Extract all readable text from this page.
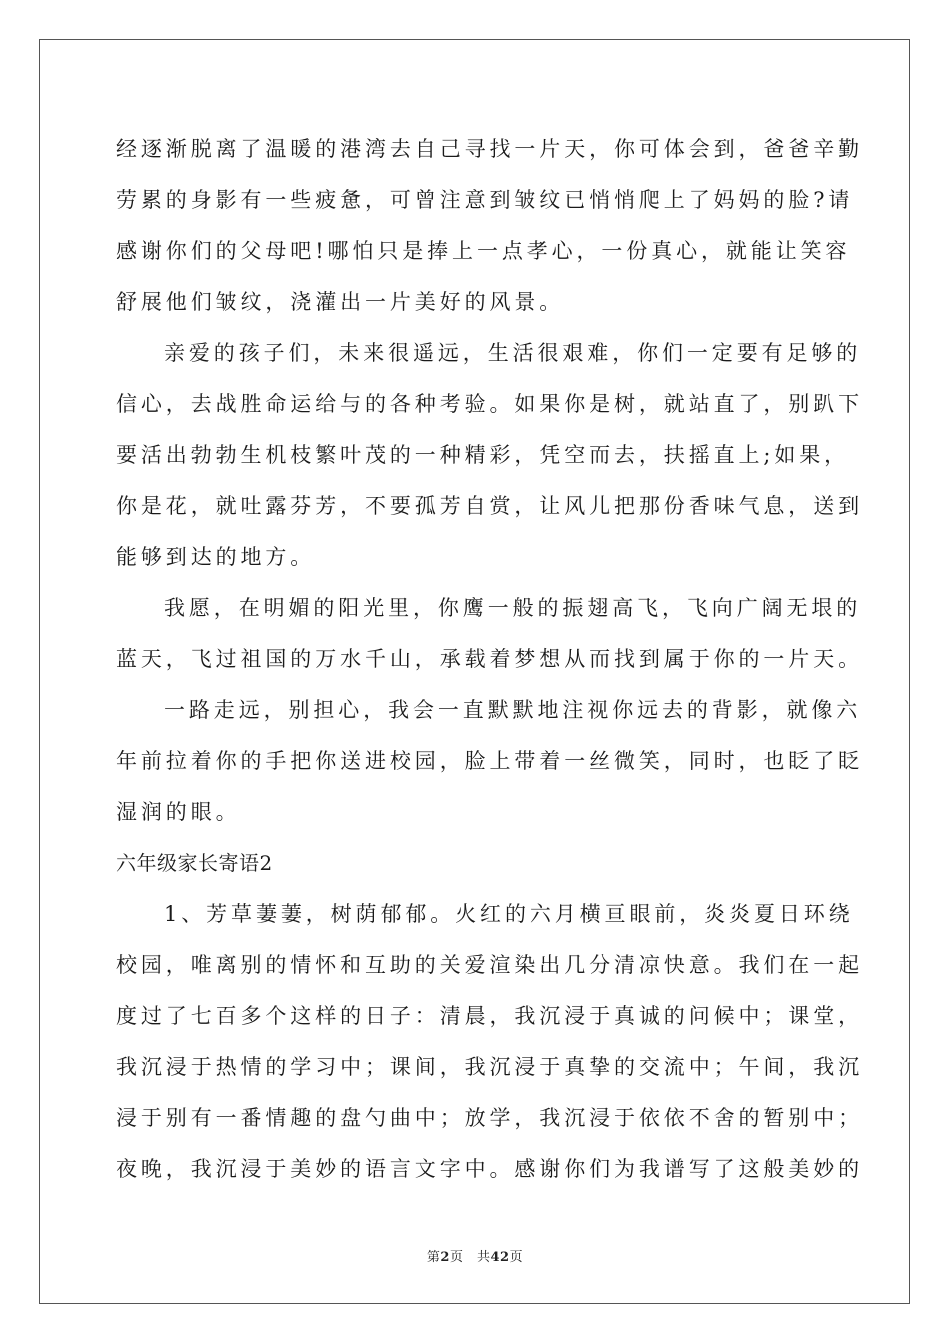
经逐渐脱离了温暖的港湾去自己寻找一片天，你可体会到，爸爸辛勤
劳累的身影有一些疲惫，可曾注意到皱纹已悄悄爬上了妈妈的脸?请
感谢你们的父母吧!哪怕只是捧上一点孝心，一份真心，就能让笑容
舒展他们皱纹，浇灌出一片美好的风景。
亲爱的孩子们，未来很遥远，生活很艰难，你们一定要有足够的
信心，去战胜命运给与的各种考验。如果你是树，就站直了，别趴下
要活出勃勃生机枝繁叶茂的一种精彩，凭空而去，扶摇直上;如果，
你是花，就吐露芬芳，不要孤芳自赏，让风儿把那份香味气息，送到
能够到达的地方。
我愿，在明媚的阳光里，你鹰一般的振翅高飞，飞向广阔无垠的
蓝天，飞过祖国的万水千山，承载着梦想从而找到属于你的一片天。
一路走远，别担心，我会一直默默地注视你远去的背影，就像六
年前拉着你的手把你送进校园，脸上带着一丝微笑，同时，也眨了眨
湿润的眼。
六年级家长寄语2
1、芳草萋萋，树荫郁郁。火红的六月横亘眼前，炎炎夏日环绕
校园，唯离别的情怀和互助的关爱渲染出几分清凉快意。我们在一起
度过了七百多个这样的日子：清晨，我沉浸于真诚的问候中；课堂，
我沉浸于热情的学习中；课间，我沉浸于真挚的交流中；午间，我沉
浸于别有一番情趣的盘勺曲中；放学，我沉浸于依依不舍的暂别中；
夜晚，我沉浸于美妙的语言文字中。感谢你们为我谱写了这般美妙的
第2页　共42页
